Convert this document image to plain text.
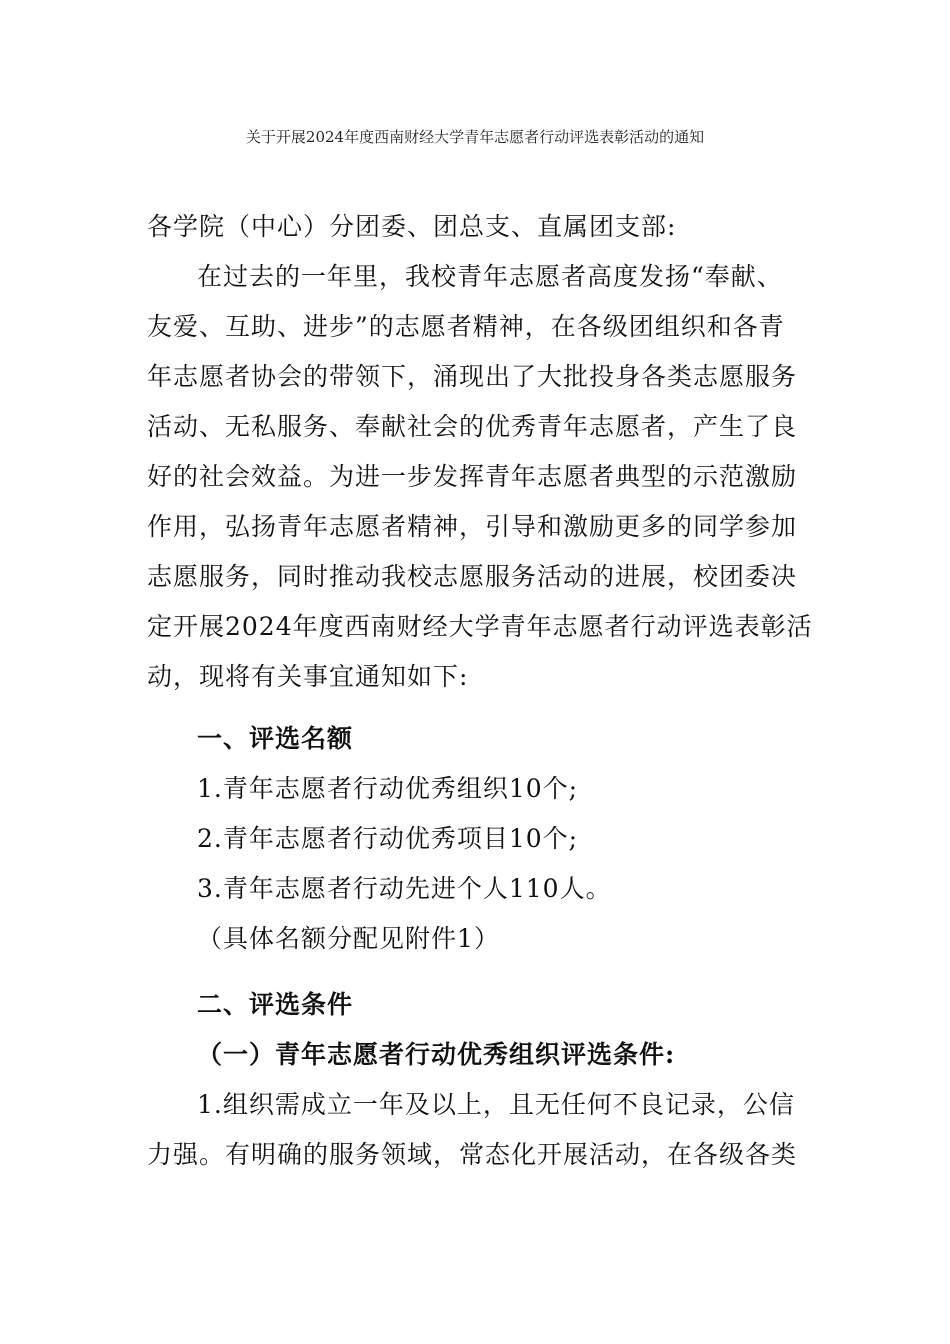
关于开展2024年度西南财经大学青年志愿者行动评选表彰活动的通知

各学院（中心）分团委、团总支、直属团支部:

在过去的一年里，我校青年志愿者高度发扬“奉献、

友爱、互助、进步”的志愿者精神，在各级团组织和各青

年志愿者协会的带领下，涌现出了大批投身各类志愿服务

活动、无私服务、奉献社会的优秀青年志愿者，产生了良

好的社会效益。为进一步发挥青年志愿者典型的示范激励

作用，弘扬青年志愿者精神，引导和激励更多的同学参加

志愿服务，同时推动我校志愿服务活动的进展，校团委决

定开展2024年度西南财经大学青年志愿者行动评选表彰活

动，现将有关事宜通知如下:

一、评选名额

1.青年志愿者行动优秀组织10个;

2.青年志愿者行动优秀项目10个;

3.青年志愿者行动先进个人110人。

（具体名额分配见附件1）

二、评选条件

（一）青年志愿者行动优秀组织评选条件:

1.组织需成立一年及以上，且无任何不良记录，公信

力强。有明确的服务领域，常态化开展活动，在各级各类
